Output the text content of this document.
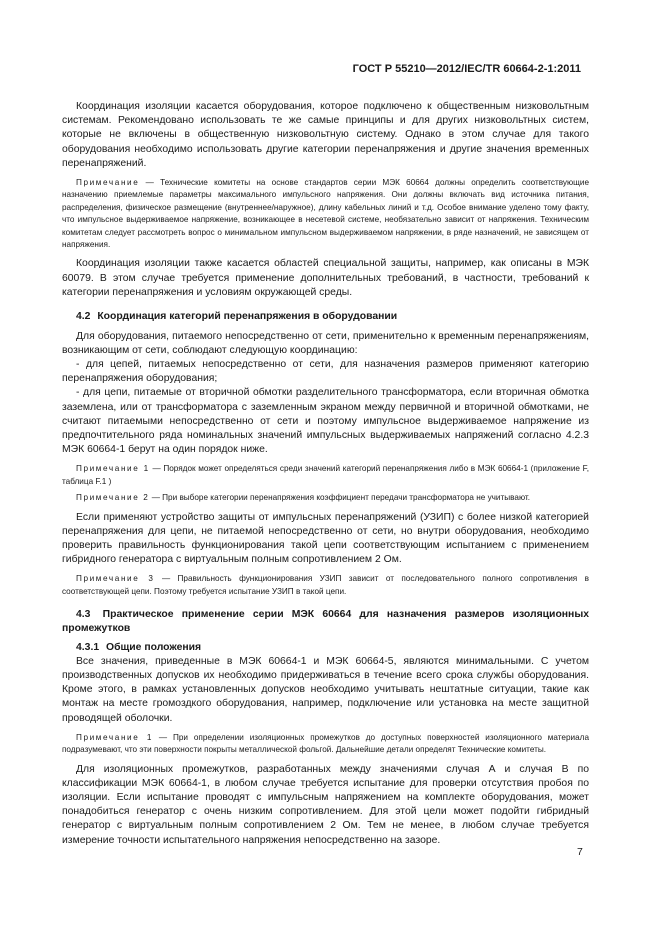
ГОСТ Р 55210—2012/IEC/TR 60664-2-1:2011

Координация изоляции касается оборудования, которое подключено к общественным низковольтным системам. Рекомендовано использовать те же самые принципы и для других низковольтных систем, которые не включены в общественную низковольтную систему. Однако в этом случае для такого оборудования необходимо использовать другие категории перенапряжения и другие значения временных перенапряжений.

Примечание — Технические комитеты на основе стандартов серии МЭК 60664 должны определить соответствующие назначению приемлемые параметры максимального импульсного напряжения. Они должны включать вид источника питания, распределения, физическое размещение (внутреннее/наружное), длину кабельных линий и т.д. Особое внимание уделено тому факту, что импульсное выдерживаемое напряжение, возникающее в несетевой системе, необязательно зависит от напряжения. Техническим комитетам следует рассмотреть вопрос о минимальном импульсном выдерживаемом напряжении, в ряде назначений, не зависящем от напряжения.

Координация изоляции также касается областей специальной защиты, например, как описаны в МЭК 60079. В этом случае требуется применение дополнительных требований, в частности, требований к категории перенапряжения и условиям окружающей среды.

4.2 Координация категорий перенапряжения в оборудовании

Для оборудования, питаемого непосредственно от сети, применительно к временным перенапряжениям, возникающим от сети, соблюдают следующую координацию:

- для цепей, питаемых непосредственно от сети, для назначения размеров применяют категорию перенапряжения оборудования;

- для цепи, питаемые от вторичной обмотки разделительного трансформатора, если вторичная обмотка заземлена, или от трансформатора с заземленным экраном между первичной и вторичной обмотками, не считают питаемыми непосредственно от сети и поэтому импульсное выдерживаемое напряжение из предпочтительного ряда номинальных значений импульсных выдерживаемых напряжений согласно 4.2.3 МЭК 60664-1 берут на один порядок ниже.

Примечание 1 — Порядок может определяться среди значений категорий перенапряжения либо в МЭК 60664-1 (приложение F, таблица F.1 )

Примечание 2 — При выборе категории перенапряжения коэффициент передачи трансформатора не учитывают.

Если применяют устройство защиты от импульсных перенапряжений (УЗИП) с более низкой категорией перенапряжения для цепи, не питаемой непосредственно от сети, но внутри оборудования, необходимо проверить правильность функционирования такой цепи соответствующим испытанием с применением гибридного генератора с виртуальным полным сопротивлением 2 Ом.

Примечание 3 — Правильность функционирования УЗИП зависит от последовательного полного сопротивления в соответствующей цепи. Поэтому требуется испытание УЗИП в такой цепи.

4.3 Практическое применение серии МЭК 60664 для назначения размеров изоляционных промежутков

4.3.1 Общие положения

Все значения, приведенные в МЭК 60664-1 и МЭК 60664-5, являются минимальными. С учетом производственных допусков их необходимо придерживаться в течение всего срока службы оборудования. Кроме этого, в рамках установленных допусков необходимо учитывать нештатные ситуации, такие как монтаж на месте громоздкого оборудования, например, подключение или установка на месте защитной проводящей оболочки.

Примечание 1 — При определении изоляционных промежутков до доступных поверхностей изоляционного материала подразумевают, что эти поверхности покрыты металлической фольгой. Дальнейшие детали определят Технические комитеты.

Для изоляционных промежутков, разработанных между значениями случая А и случая В по классификации МЭК 60664-1, в любом случае требуется испытание для проверки отсутствия пробоя по изоляции. Если испытание проводят с импульсным напряжением на комплекте оборудования, может понадобиться генератор с очень низким сопротивлением. Для этой цели может подойти гибридный генератор с виртуальным полным сопротивлением 2 Ом. Тем не менее, в любом случае требуется измерение точности испытательного напряжения непосредственно на зазоре.

7
